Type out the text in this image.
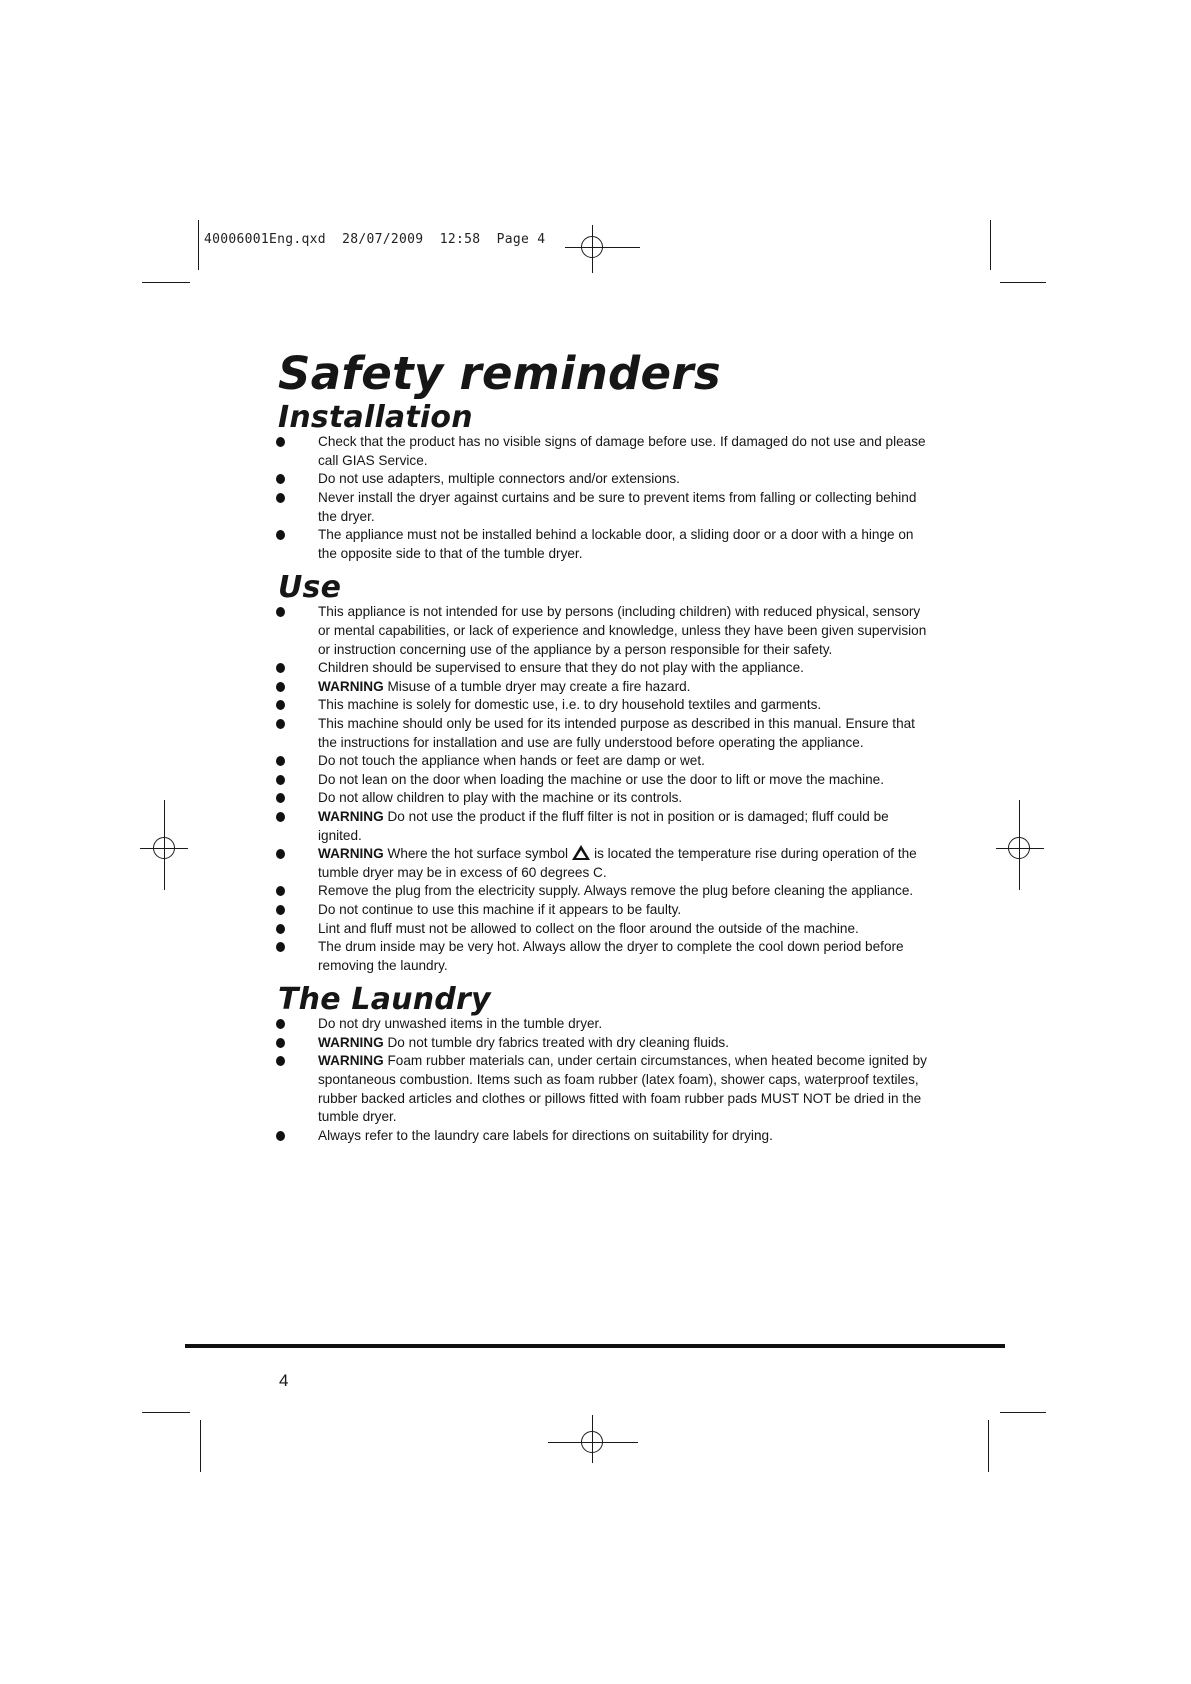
40006001Eng.qxd 28/07/2009 12:58 Page 4
Safety reminders
Installation
Check that the product has no visible signs of damage before use. If damaged do not use and please call GIAS Service.
Do not use adapters, multiple connectors and/or extensions.
Never install the dryer against curtains and be sure to prevent items from falling or collecting behind the dryer.
The appliance must not be installed behind a lockable door, a sliding door or a door with a hinge on the opposite side to that of the tumble dryer.
Use
This appliance is not intended for use by persons (including children) with reduced physical, sensory or mental capabilities, or lack of experience and knowledge, unless they have been given supervision or instruction concerning use of the appliance by a person responsible for their safety.
Children should be supervised to ensure that they do not play with the appliance.
WARNING Misuse of a tumble dryer may create a fire hazard.
This machine is solely for domestic use, i.e. to dry household textiles and garments.
This machine should only be used for its intended purpose as described in this manual. Ensure that the instructions for installation and use are fully understood before operating the appliance.
Do not touch the appliance when hands or feet are damp or wet.
Do not lean on the door when loading the machine or use the door to lift or move the machine.
Do not allow children to play with the machine or its controls.
WARNING Do not use the product if the fluff filter is not in position or is damaged; fluff could be ignited.
WARNING Where the hot surface symbol is located the temperature rise during operation of the tumble dryer may be in excess of 60 degrees C.
Remove the plug from the electricity supply. Always remove the plug before cleaning the appliance.
Do not continue to use this machine if it appears to be faulty.
Lint and fluff must not be allowed to collect on the floor around the outside of the machine.
The drum inside may be very hot. Always allow the dryer to complete the cool down period before removing the laundry.
The Laundry
Do not dry unwashed items in the tumble dryer.
WARNING Do not tumble dry fabrics treated with dry cleaning fluids.
WARNING Foam rubber materials can, under certain circumstances, when heated become ignited by spontaneous combustion. Items such as foam rubber (latex foam), shower caps, waterproof textiles, rubber backed articles and clothes or pillows fitted with foam rubber pads MUST NOT be dried in the tumble dryer.
Always refer to the laundry care labels for directions on suitability for drying.
4
